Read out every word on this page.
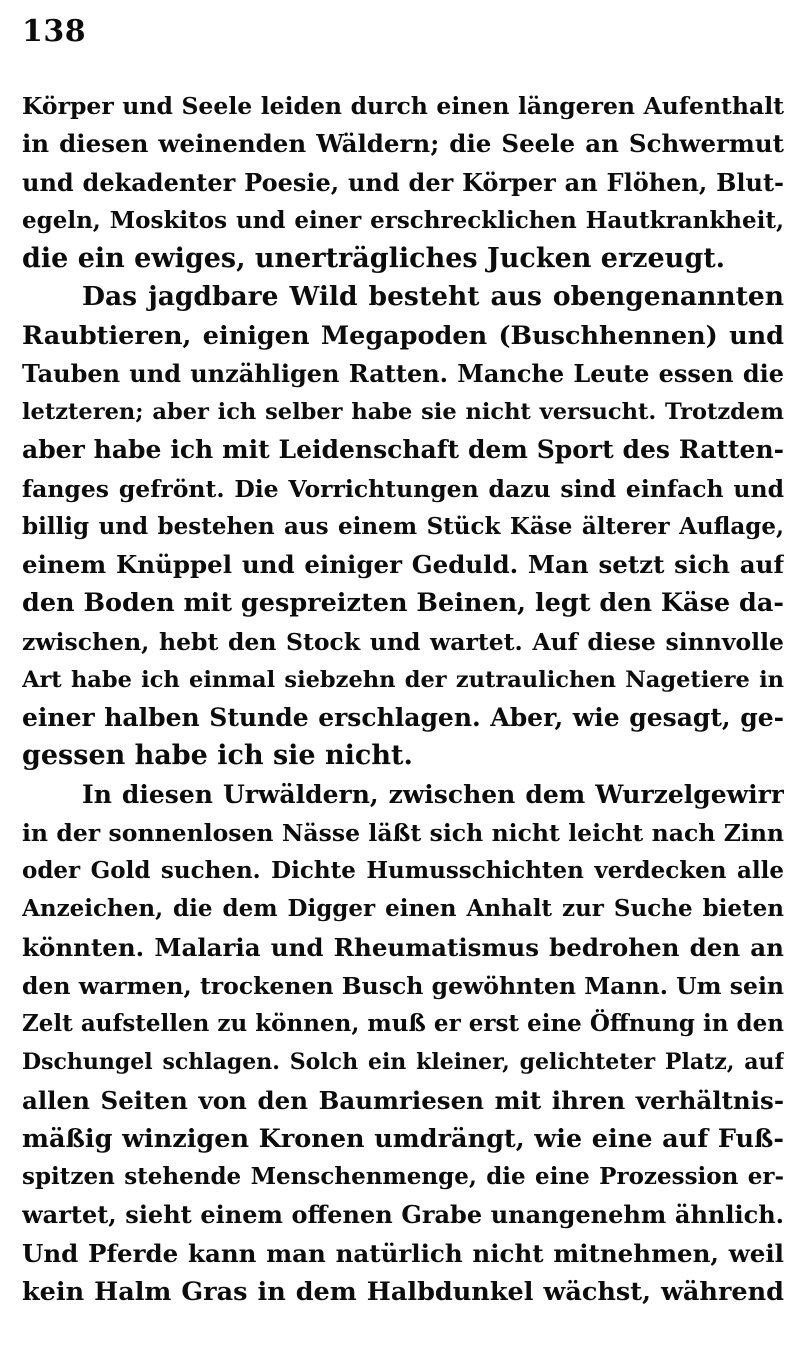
138
Körper und Seele leiden durch einen längeren Aufenthalt
in diesen weinenden Wäldern; die Seele an Schwermut
und dekadenter Poesie, und der Körper an Flöhen, Blut-
egeln, Moskitos und einer erschrecklichen Hautkrankheit,
die ein ewiges, unerträgliches Jucken erzeugt.
Das jagdbare Wild besteht aus obengenannten
Raubtieren, einigen Megapoden (Buschhennen) und
Tauben und unzähligen Ratten. Manche Leute essen die
letzteren; aber ich selber habe sie nicht versucht. Trotzdem
aber habe ich mit Leidenschaft dem Sport des Ratten-
fanges gefrönt. Die Vorrichtungen dazu sind einfach und
billig und bestehen aus einem Stück Käse älterer Auflage,
einem Knüppel und einiger Geduld. Man setzt sich auf
den Boden mit gespreizten Beinen, legt den Käse da-
zwischen, hebt den Stock und wartet. Auf diese sinnvolle
Art habe ich einmal siebzehn der zutraulichen Nagetiere in
einer halben Stunde erschlagen. Aber, wie gesagt, ge-
gessen habe ich sie nicht.
In diesen Urwäldern, zwischen dem Wurzelgewirr
in der sonnenlosen Nässe läßt sich nicht leicht nach Zinn
oder Gold suchen. Dichte Humusschichten verdecken alle
Anzeichen, die dem Digger einen Anhalt zur Suche bieten
könnten. Malaria und Rheumatismus bedrohen den an
den warmen, trockenen Busch gewöhnten Mann. Um sein
Zelt aufstellen zu können, muß er erst eine Öffnung in den
Dschungel schlagen. Solch ein kleiner, gelichteter Platz, auf
allen Seiten von den Baumriesen mit ihren verhältnis-
mäßig winzigen Kronen umdrängt, wie eine auf Fuß-
spitzen stehende Menschenmenge, die eine Prozession er-
wartet, sieht einem offenen Grabe unangenehm ähnlich.
Und Pferde kann man natürlich nicht mitnehmen, weil
kein Halm Gras in dem Halbdunkel wächst, während
